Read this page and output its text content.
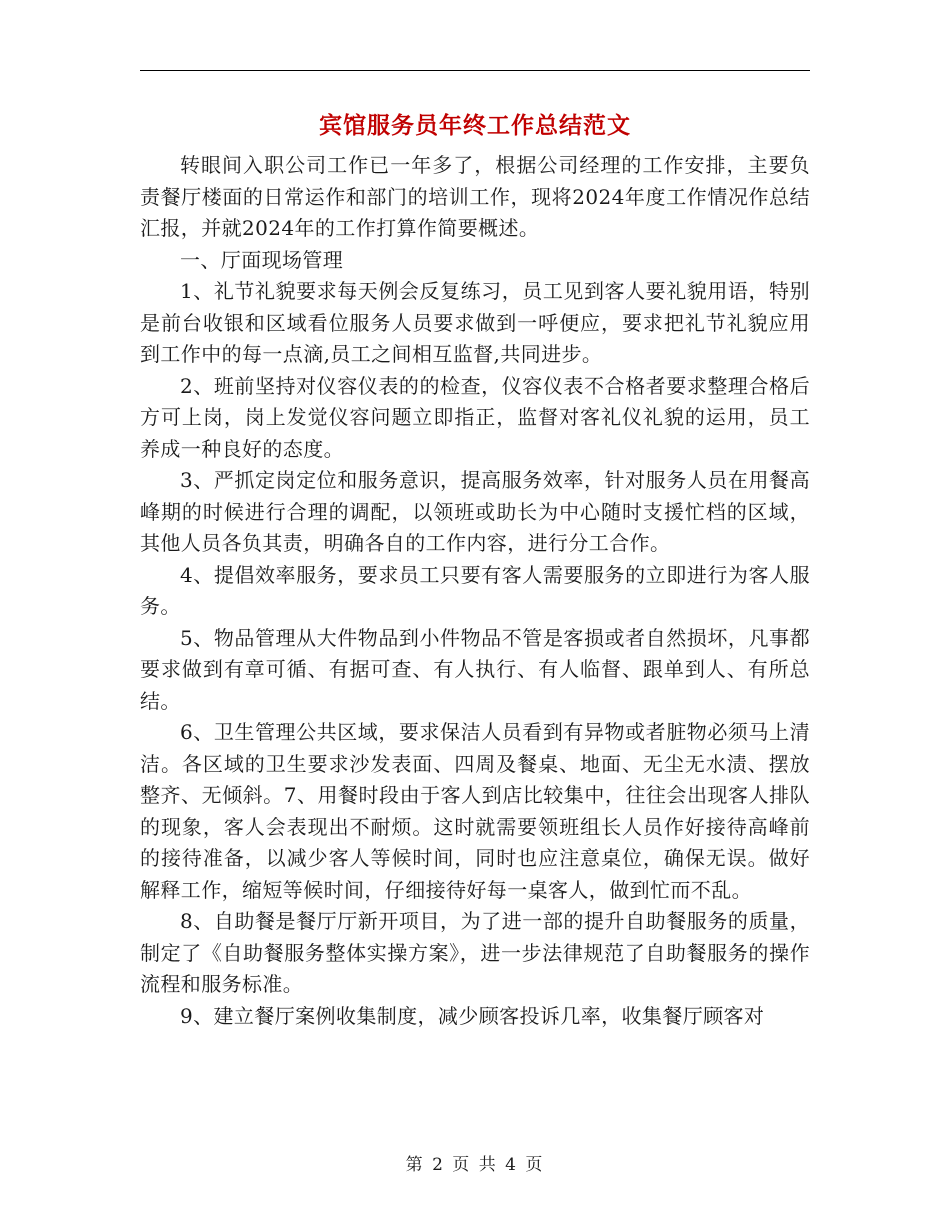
宾馆服务员年终工作总结范文

转眼间入职公司工作已一年多了，根据公司经理的工作安排，主要负责餐厅楼面的日常运作和部门的培训工作，现将2024年度工作情况作总结汇报，并就2024年的工作打算作简要概述。

一、厅面现场管理

1、礼节礼貌要求每天例会反复练习，员工见到客人要礼貌用语，特别是前台收银和区域看位服务人员要求做到一呼便应，要求把礼节礼貌应用到工作中的每一点滴,员工之间相互监督,共同进步。

2、班前坚持对仪容仪表的的检查，仪容仪表不合格者要求整理合格后方可上岗，岗上发觉仪容问题立即指正，监督对客礼仪礼貌的运用，员工养成一种良好的态度。

3、严抓定岗定位和服务意识，提高服务效率，针对服务人员在用餐高峰期的时候进行合理的调配，以领班或助长为中心随时支援忙档的区域，其他人员各负其责，明确各自的工作内容，进行分工合作。

4、提倡效率服务，要求员工只要有客人需要服务的立即进行为客人服务。

5、物品管理从大件物品到小件物品不管是客损或者自然损坏，凡事都要求做到有章可循、有据可查、有人执行、有人临督、跟单到人、有所总结。

6、卫生管理公共区域，要求保洁人员看到有异物或者脏物必须马上清洁。各区域的卫生要求沙发表面、四周及餐桌、地面、无尘无水渍、摆放整齐、无倾斜。7、用餐时段由于客人到店比较集中，往往会出现客人排队的现象，客人会表现出不耐烦。这时就需要领班组长人员作好接待高峰前的接待准备，以减少客人等候时间，同时也应注意桌位，确保无误。做好解释工作，缩短等候时间，仔细接待好每一桌客人，做到忙而不乱。

8、自助餐是餐厅厅新开项目，为了进一部的提升自助餐服务的质量，制定了《自助餐服务整体实操方案》，进一步法律规范了自助餐服务的操作流程和服务标准。

9、建立餐厅案例收集制度，减少顾客投诉几率，收集餐厅顾客对

第 2 页 共 4 页
